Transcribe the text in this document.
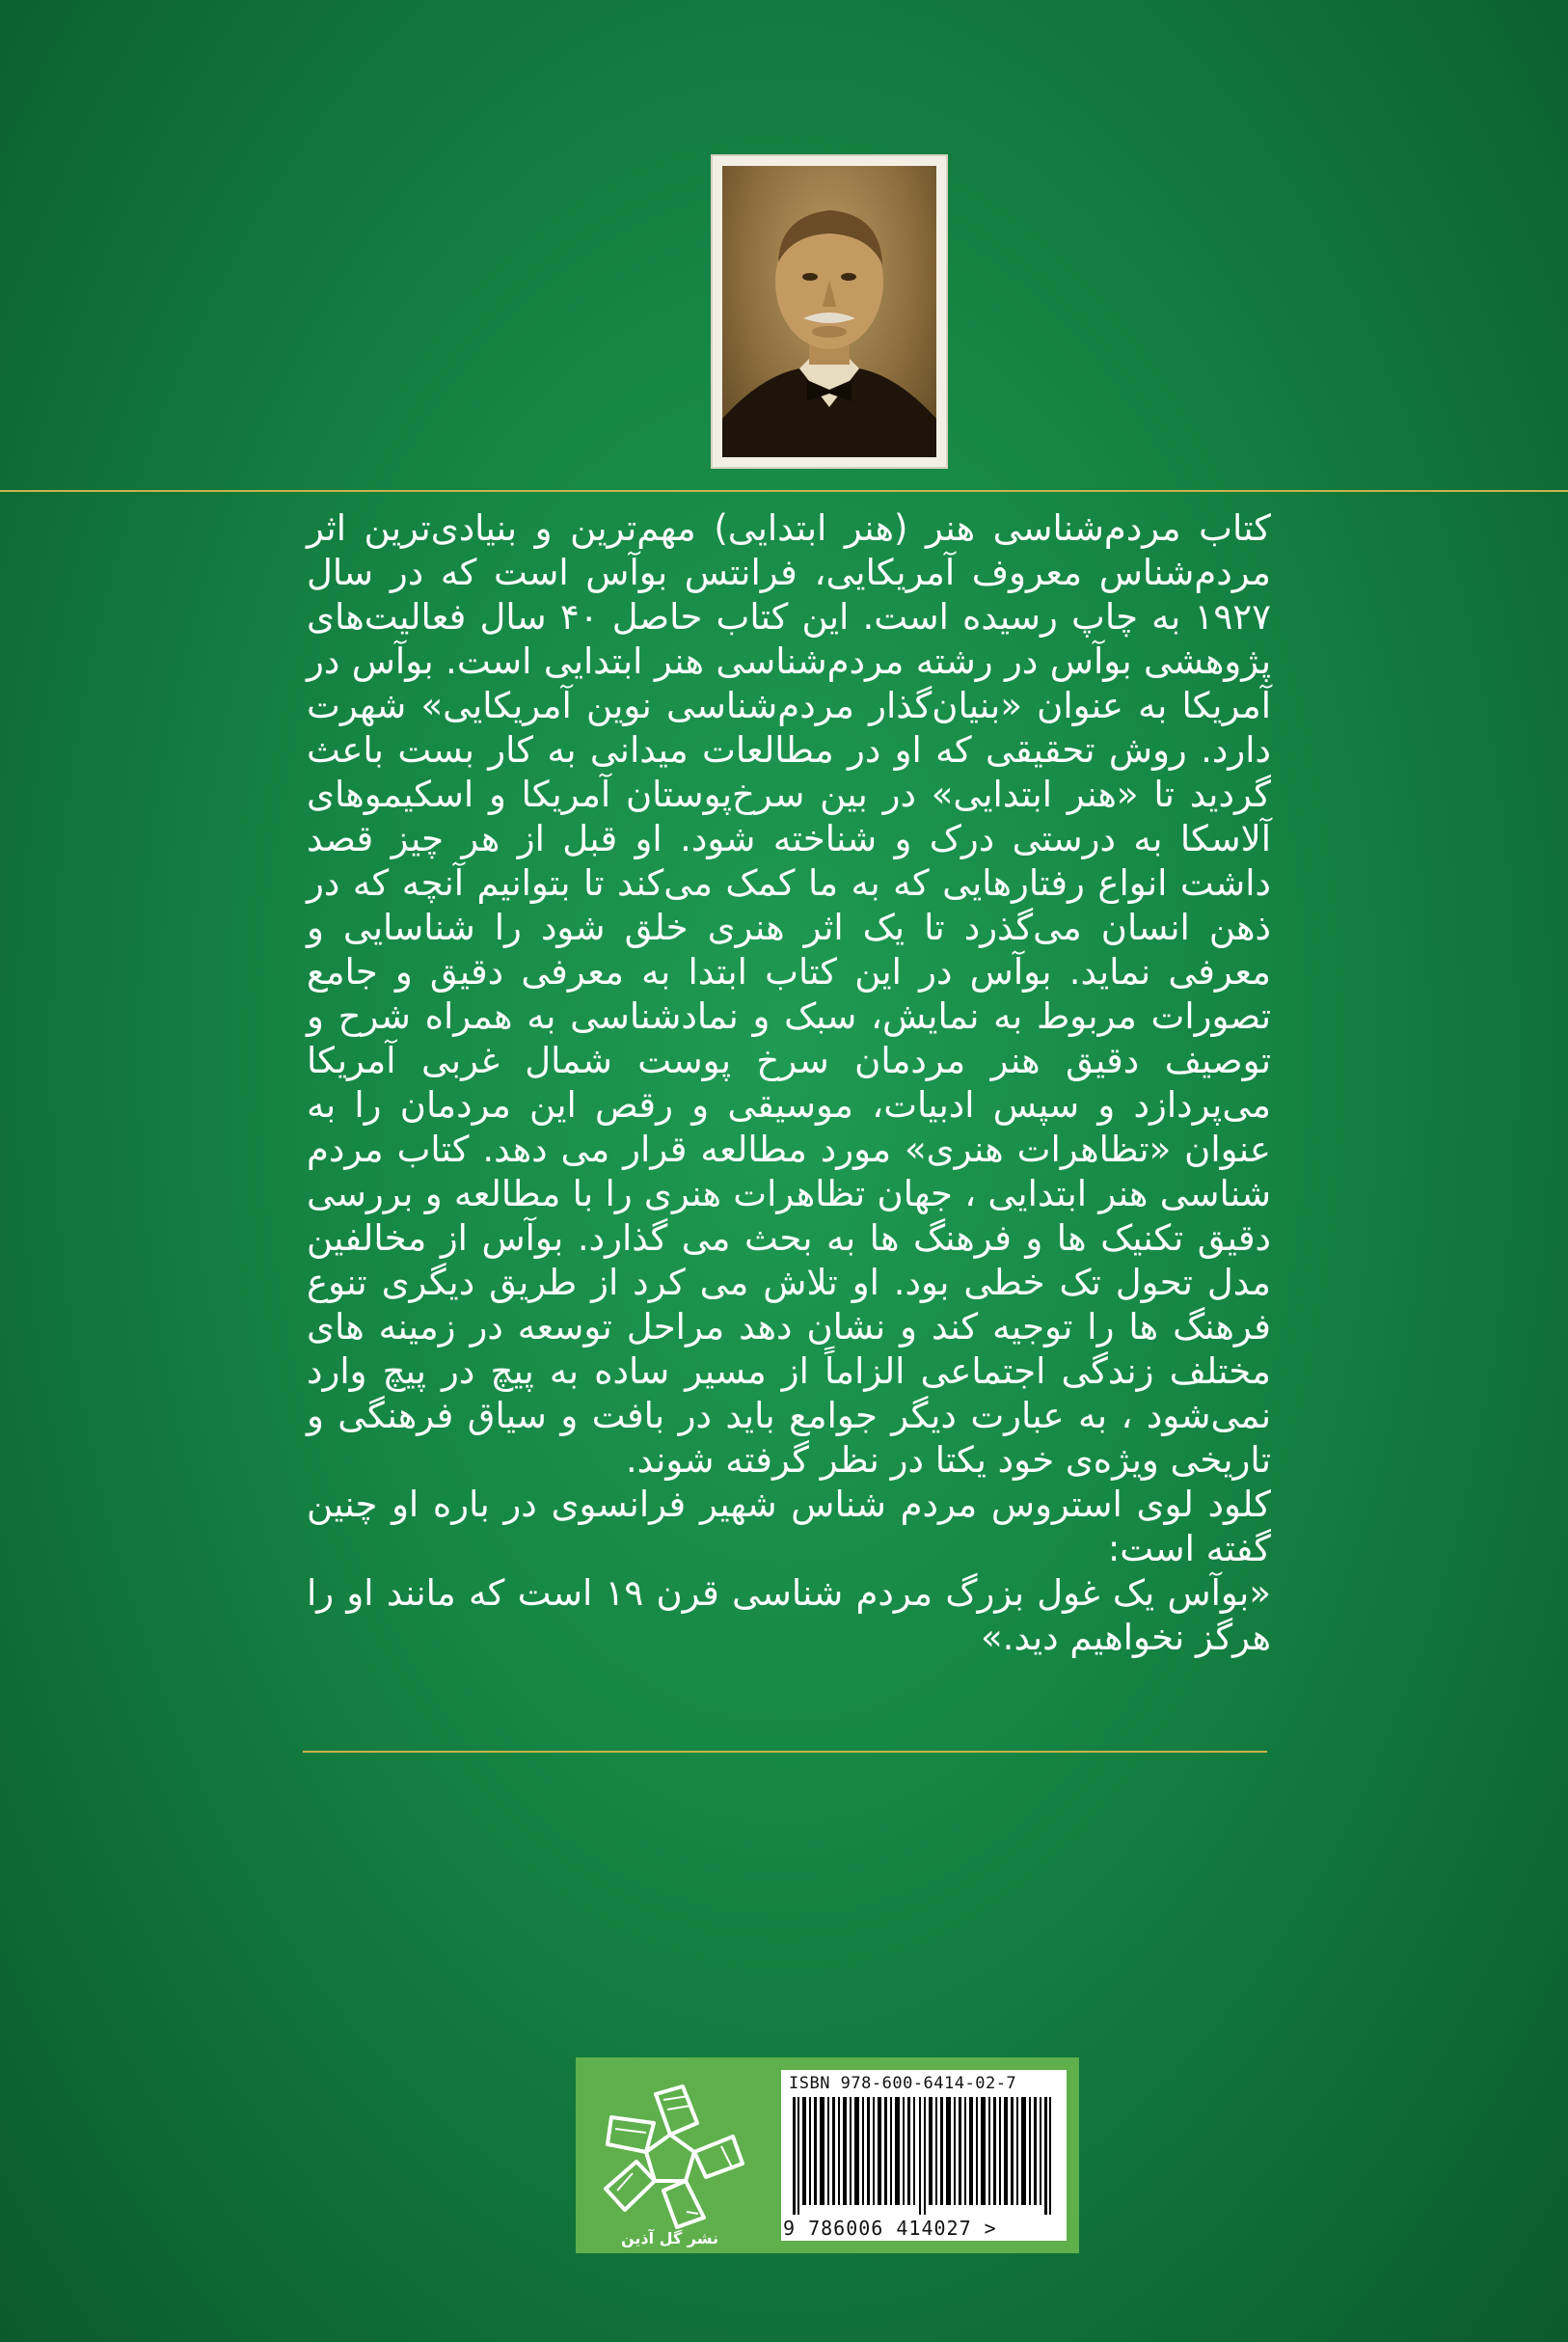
کتاب مردم‌شناسی هنر (هنر ابتدایی) مهم‌ترین و بنیادی‌ترین اثر مردم‌شناس معروف آمریکایی، فرانتس بوآس است که در سال ۱۹۲۷ به چاپ رسیده است. این کتاب حاصل ۴۰ سال فعالیت‌های پژوهشی بوآس در رشته مردم‌شناسی هنر ابتدایی است. بوآس در آمریکا به عنوان «بنیان‌گذار مردم‌شناسی نوین آمریکایی» شهرت دارد. روش تحقیقی که او در مطالعات میدانی به کار بست باعث گردید تا «هنر ابتدایی» در بین سرخ‌پوستان آمریکا و اسکیموهای آلاسکا به درستی درک و شناخته شود. او قبل از هر چیز قصد داشت انواع رفتارهایی که به ما کمک می‌کند تا بتوانیم آنچه که در ذهن انسان می‌گذرد تا یک اثر هنری خلق شود را شناسایی و معرفی نماید. بوآس در این کتاب ابتدا به معرفی دقیق و جامع تصورات مربوط به نمایش، سبک و نمادشناسی به همراه شرح و توصیف دقیق هنر مردمان سرخ پوست شمال غربی آمریکا می‌پردازد و سپس ادبیات، موسیقی و رقص این مردمان را به عنوان «تظاهرات هنری» مورد مطالعه قرار می دهد. کتاب مردم شناسی هنر ابتدایی ، جهان تظاهرات هنری را با مطالعه و بررسی دقیق تکنیک ها و فرهنگ ها به بحث می گذارد. بوآس از مخالفین مدل تحول تک خطی بود. او تلاش می کرد از طریق دیگری تنوع فرهنگ ها را توجیه کند و نشان دهد مراحل توسعه در زمینه های مختلف زندگی اجتماعی الزاماً از مسیر ساده به پیچ در پیچ وارد نمی‌شود ، به عبارت دیگر جوامع باید در بافت و سیاق فرهنگی و تاریخی ویژه‌ی خود یکتا در نظر گرفته شوند.

کلود لوی استروس مردم شناس شهیر فرانسوی در باره او چنین گفته است:

«بوآس یک غول بزرگ مردم شناسی قرن ۱۹ است که مانند او را هرگز نخواهیم دید.»

نشر گل آذین
ISBN 978-600-6414-02-7
9 786006 414027 >
